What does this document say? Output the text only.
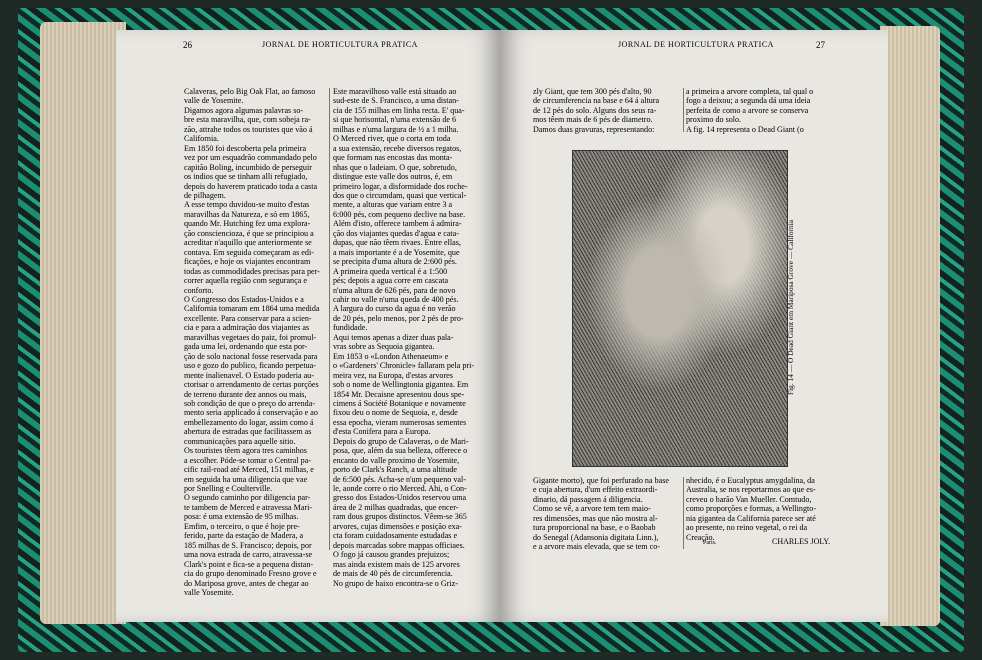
26	JORNAL DE HORTICULTURA PRATICA
Calaveras, pelo Big Oak Flat, ao famoso
valle de Yosemite.
Digamos agora algumas palavras so-
bre esta maravilha, que, com sobeja ra-
zão, attrahe todos os touristes que vão á
California.
Em 1850 foi descoberta pela primeira
vez por um esquadrão commandado pelo
capitão Boling, incumbido de perseguir
os indios que se tinham alli refugiado,
depois do haverem praticado toda a casta
de pilhagem.
A esse tempo duvidou-se muito d'estas
maravilhas da Natureza, e só em 1865,
quando Mr. Hutching fez uma explora-
ção consciencioza, é que se principiou a
acreditar n'aquillo que anteriormente se
contava. Em seguida começaram as edi-
ficações, e hoje os viajantes encontram
todas as commodidades precisas para per-
correr aquella região com segurança e
conforto.
O Congresso dos Estados-Unidos e a
California tomaram em 1864 uma medida
excellente. Para conservar para a scien-
cia e para a admiração dos viajantes as
maravilhas vegetaes do paiz, foi promul-
gada uma lei, ordenando que esta por-
ção de solo nacional fosse reservada para
uso e gozo do publico, ficando perpetua-
mente inalienavel. O Estado poderia au-
ctorisar o arrendamento de certas porções
de terreno durante dez annos ou mais,
sob condição de que o preço do arrenda-
mento seria applicado á conservação e ao
embellezamento do logar, assim como á
abertura de estradas que facilitassem as
communicações para aquelle sitio.
Os touristes têem agora tres caminhos
a escolher. Póde-se tomar o Central pa-
cific rail-road até Merced, 151 milhas, e
em seguida ha uma diligencia que vae
por Snelling e Coulterville.
O segundo caminho por diligencia par-
te tambem de Merced e atravessa Mari-
posa: é uma extensão de 95 milhas.
Emfim, o terceiro, o que é hoje pre-
ferido, parte da estação de Madera, a
185 milhas de S. Francisco; depois, por
uma nova estrada de carro, atravessa-se
Clark's point e fica-se a pequena distan-
cia do grupo denominado Fresno grove e
do Mariposa grove, antes de chegar ao
valle Yosemite.
Este maravilhoso valle está situado ao
sud-este de S. Francisco, a uma distan-
cia de 155 milhas em linha recta. E' qua-
si que horisontal, n'uma extensão de 6
milhas e n'uma largura de ½ a 1 milha.
O Merced river, que o corta em toda
a sua extensão, recebe diversos regatos,
que formam nas encostas das monta-
nhas que o ladeiam. O que, sobretudo,
distingue este valle dos outros, é, em
primeiro logar, a disformidade dos roche-
dos que o circumdam, quasi que vertical-
mente, a alturas que variam entre 3 a
6:000 pés, com pequeno declive na base.
Além d'isto, offerece tambem á admira-
ção dos viajantes quedas d'agua e cata-
dupas, que não têem rivaes. Entre ellas,
a mais importante é a de Yosemite, que
se precipita d'uma altura de 2:600 pés.
A primeira queda vertical é a 1:500
pés; depois a agua corre em cascata
n'uma altura de 626 pés, para de novo
cahir no valle n'uma queda de 400 pés.
A largura do curso da agua é no verão
de 20 pés, pelo menos, por 2 pés de pro-
fundidade.
Aqui temos apenas a dizer duas pala-
vras sobre as Sequoia gigantea.
Em 1853 o «London Athenaeum» e
o «Gardeners' Chronicle» fallaram pela pri-
meira vez, na Europa, d'estas arvores
sob o nome de Wellingtonia gigantea. Em
1854 Mr. Decaisne apresentou dous spe-
cimens á Société Botanique e novamente
fixou deu o nome de Sequoia, e, desde
essa epocha, vieram numerosas sementes
d'esta Conifera para a Europa.
Depois do grupo de Calaveras, o de Mari-
posa, que, além da sua belleza, offerece o
encanto do valle proximo de Yosemite,
porto de Clark's Ranch, a uma altitude
de 6:500 pés. Acha-se n'um pequeno val-
le, aonde corre o rio Merced. Ahi, o Con-
gresso dos Estados-Unidos reservou uma
área de 2 milhas quadradas, que encer-
ram dous grupos distinctos. Vêem-se 365
arvores, cujas dimensões e posição exa-
cta foram cuidadosamente estudadas e
depois marcadas sobre mappas officiaes.
O fogo já causou grandes prejuizos;
mas ainda existem mais de 125 arvores
de mais de 40 pés de circumferencia.
No grupo de baixo encontra-se o Griz-
JORNAL DE HORTICULTURA PRATICA	27
zly Giant, que tem 300 pés d'alto, 90
de circumferencia na base e 64 á altura
de 12 pés do solo. Alguns dos seus ra-
mos têem mais de 6 pés de diametro.
Damos duas gravuras, representando:
a primeira a arvore completa, tal qual o
fogo a deixou; a segunda dá uma ideia
perfeita de como a arvore se conserva
proximo do solo.
A fig. 14 representa o Dead Giant (o
Fig. 14 — O Dead Giant em Mariposa Grove — California
Gigante morto), que foi perfurado na base
e cuja abertura, d'um effeito extraordi-
dinario, dá passagem á diligencia.
Como se vê, a arvore tem tem maio-
res dimensões, mas que não mostra al-
tura proporcional na base, e o Baobab
do Senegal (Adansonia digitata Linn.),
e a arvore mais elevada, que se tem co-
nhecido, é o Eucalyptus amygdalina, da
Australia, se nos reportarmos ao que es-
creveu o barão Van Mueller. Comtudo,
como proporções e formas, a Wellingto-
nia gigantea da California parece ser até
ao presente, no reino vegetal, o rei da
Creação.
Paris.	CHARLES JOLY.
